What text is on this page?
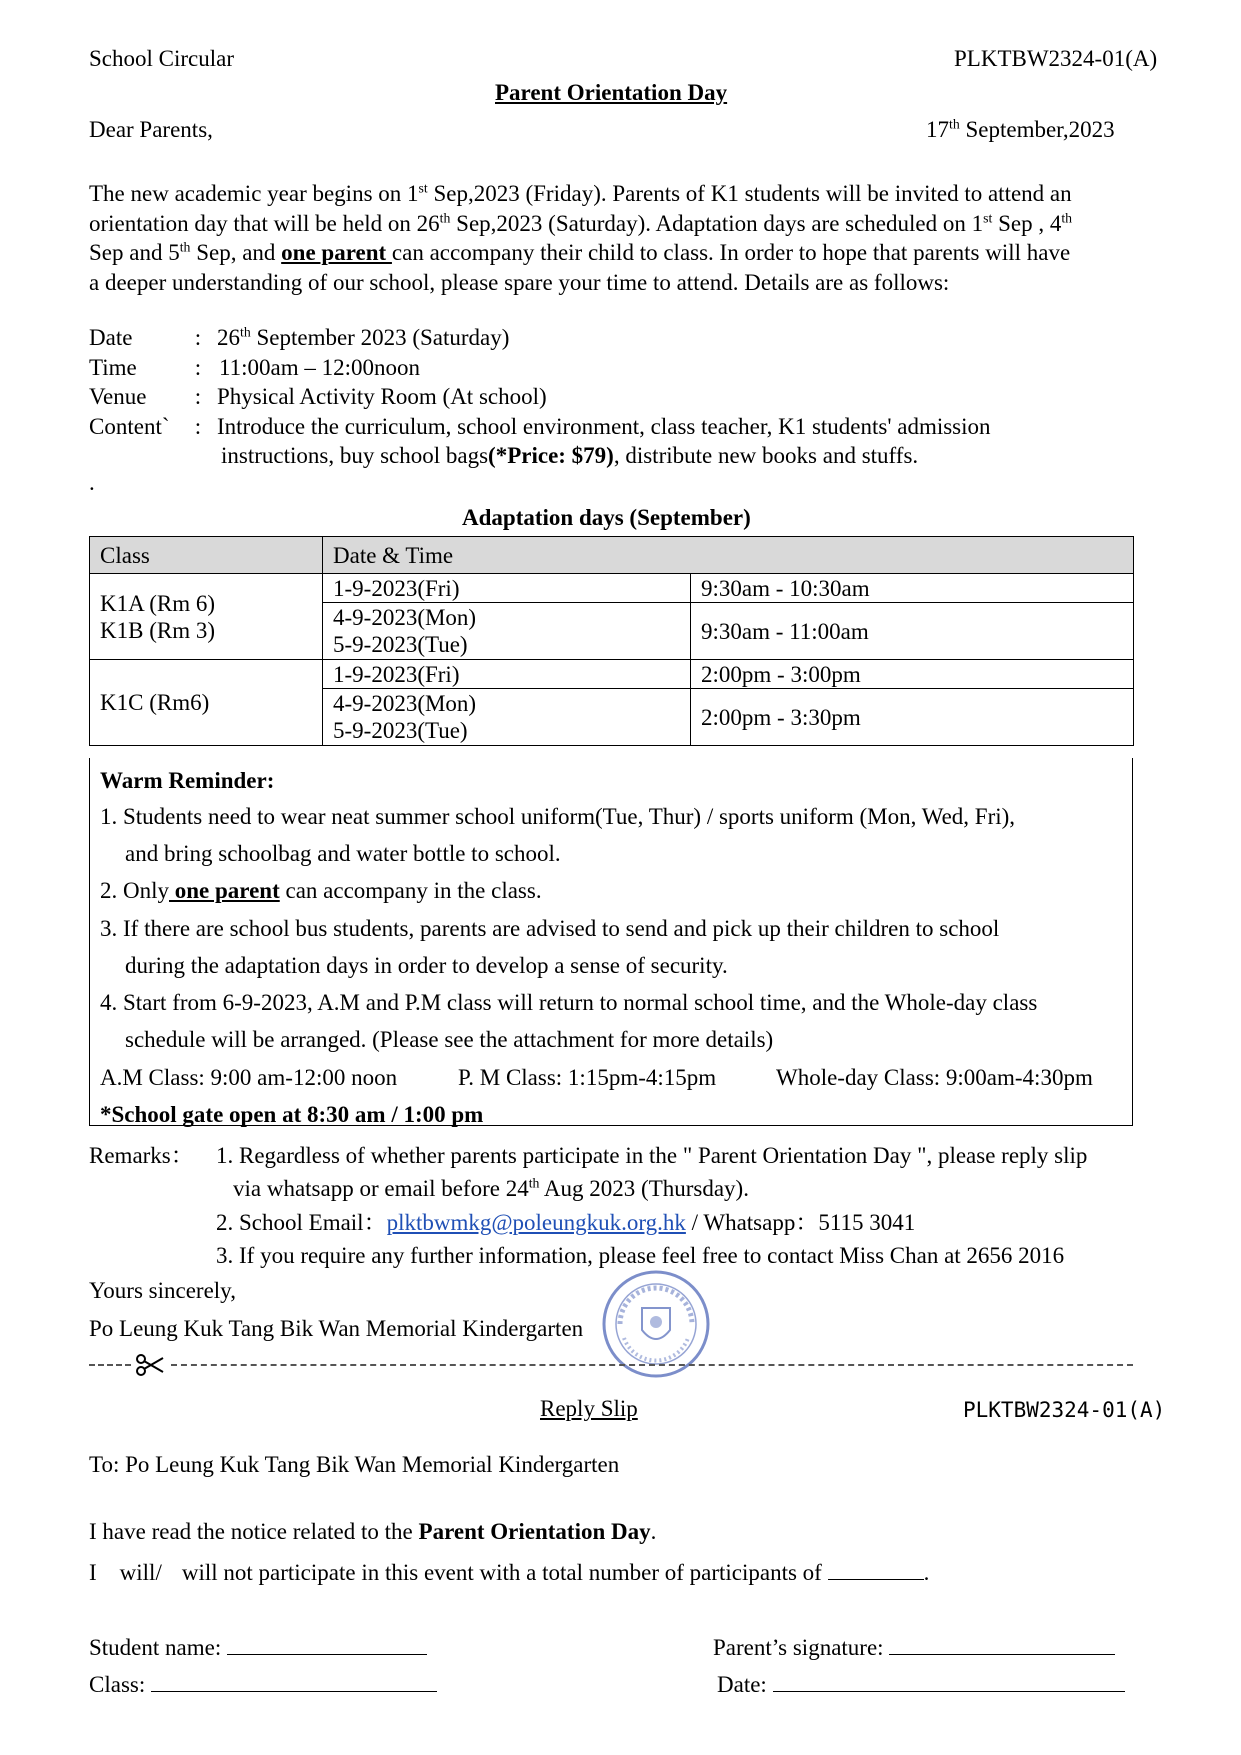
School Circular	PLKTBW2324-01(A)
Parent Orientation Day
Dear Parents,	17th September,2023
The new academic year begins on 1st Sep,2023 (Friday). Parents of K1 students will be invited to attend an
orientation day that will be held on 26th Sep,2023 (Saturday). Adaptation days are scheduled on 1st Sep , 4th
Sep and 5th Sep, and one parent can accompany their child to class. In order to hope that parents will have
a deeper understanding of our school, please spare your time to attend. Details are as follows:
Date	: 26th September 2023 (Saturday)
Time	: 11:00am – 12:00noon
Venue	: Physical Activity Room (At school)
Content`	: Introduce the curriculum, school environment, class teacher, K1 students' admission
instructions, buy school bags (*Price: $79) , distribute new books and stuffs.
.
Adaptation days (September)
Class	Date & Time	

K1A (Rm 6)
K1B (Rm 3)	1-9-2023(Fri)	9:30am - 10:30am

	4-9-2023(Mon)
5-9-2023(Tue)	9:30am - 11:00am
K1C (Rm6)	1-9-2023(Fri)	2:00pm - 3:00pm

	4-9-2023(Mon)
5-9-2023(Tue)	2:00pm - 3:30pm
Warm Reminder:
1. Students need to wear neat summer school uniform(Tue, Thur) / sports uniform (Mon, Wed, Fri),
and bring schoolbag and water bottle to school.
2. Only one parent can accompany in the class.
3. If there are school bus students, parents are advised to send and pick up their children to school
during the adaptation days in order to develop a sense of security.
4. Start from 6-9-2023, A.M and P.M class will return to normal school time, and the Whole-day class
schedule will be arranged. (Please see the attachment for more details)
A.M Class: 9:00 am-12:00 noon	P. M Class: 1:15pm-4:15pm	Whole-day Class: 9:00am-4:30pm
*School gate open at 8:30 am / 1:00 pm
Remarks： 1. Regardless of whether parents participate in the " Parent Orientation Day ", please reply slip
via whatsapp or email before 24th Aug 2023 (Thursday).
2. School Email：plktbwmkg@poleungkuk.org.hk / Whatsapp：5115 3041
3. If you require any further information, please feel free to contact Miss Chan at 2656 2016
Yours sincerely,
Po Leung Kuk Tang Bik Wan Memorial Kindergarten
Reply Slip	PLKTBW2324-01(A)
To: Po Leung Kuk Tang Bik Wan Memorial Kindergarten
I have read the notice related to the Parent Orientation Day.
I will/ will not participate in this event with a total number of participants of	.
Student name:
Class:
Parent’s signature:
Date:
